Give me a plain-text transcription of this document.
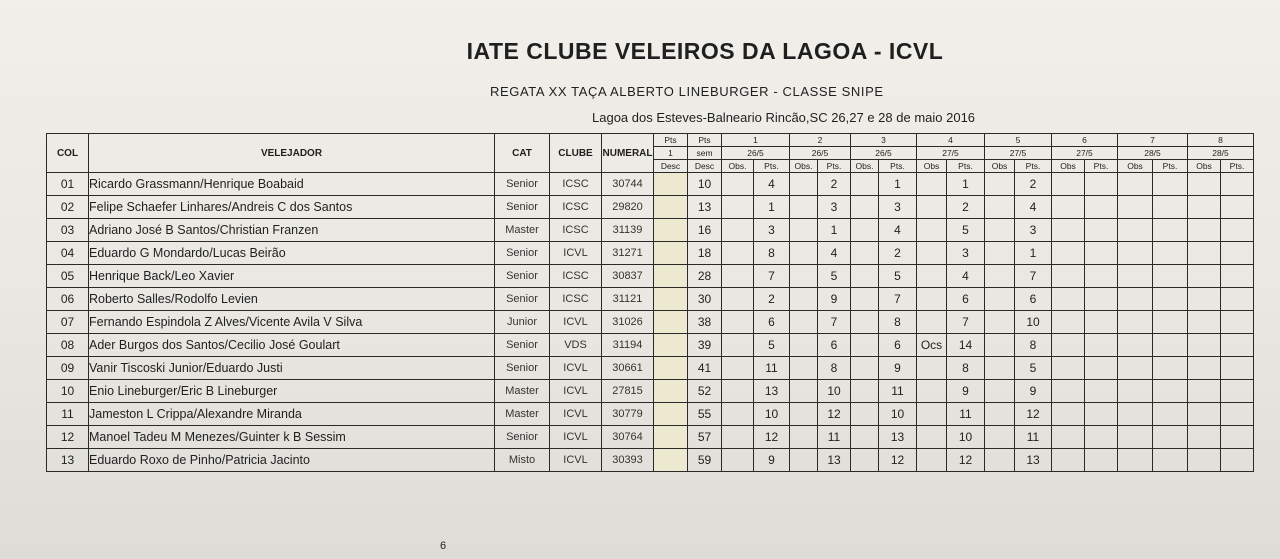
IATE CLUBE VELEIROS DA LAGOA - ICVL
REGATA XX TAÇA ALBERTO LINEBURGER - CLASSE SNIPE
Lagoa dos Esteves-Balneario Rincão,SC 26,27 e 28 de maio 2016
COL	VELEJADOR	CAT	CLUBE	NUMERAL	Pts	Pts	1		2		3		4		5		6		7		8	
					1	sem	26/5		26/5		26/5		27/5		27/5		27/5		28/5		28/5	
					Desc	Desc	Obs.	Pts.	Obs.	Pts.	Obs.	Pts.	Obs	Pts.	Obs	Pts.	Obs	Pts.	Obs	Pts.	Obs	Pts.
01	Ricardo Grassmann/Henrique Boabaid	Senior	ICSC	30744		10		4		2		1		1		2						
02	Felipe Schaefer Linhares/Andreis C dos Santos	Senior	ICSC	29820		13		1		3		3		2		4						
03	Adriano José B Santos/Christian Franzen	Master	ICSC	31139		16		3		1		4		5		3						
04	Eduardo G Mondardo/Lucas Beirão	Senior	ICVL	31271		18		8		4		2		3		1						
05	Henrique Back/Leo Xavier	Senior	ICSC	30837		28		7		5		5		4		7						
06	Roberto Salles/Rodolfo Levien	Senior	ICSC	31121		30		2		9		7		6		6						
07	Fernando Espindola Z Alves/Vicente Avila V Silva	Junior	ICVL	31026		38		6		7		8		7		10						
08	Ader Burgos dos Santos/Cecilio José Goulart	Senior	VDS	31194		39		5		6		6	Ocs	14		8						
09	Vanir Tiscoski Junior/Eduardo Justi	Senior	ICVL	30661		41		11		8		9		8		5						
10	Enio Lineburger/Eric B Lineburger	Master	ICVL	27815		52		13		10		11		9		9						
11	Jameston L Crippa/Alexandre Miranda	Master	ICVL	30779		55		10		12		10		11		12						
12	Manoel Tadeu M Menezes/Guinter k B Sessim	Senior	ICVL	30764		57		12		11		13		10		11						
13	Eduardo Roxo de Pinho/Patricia Jacinto	Misto	ICVL	30393		59		9		13		12		12		13						
6
